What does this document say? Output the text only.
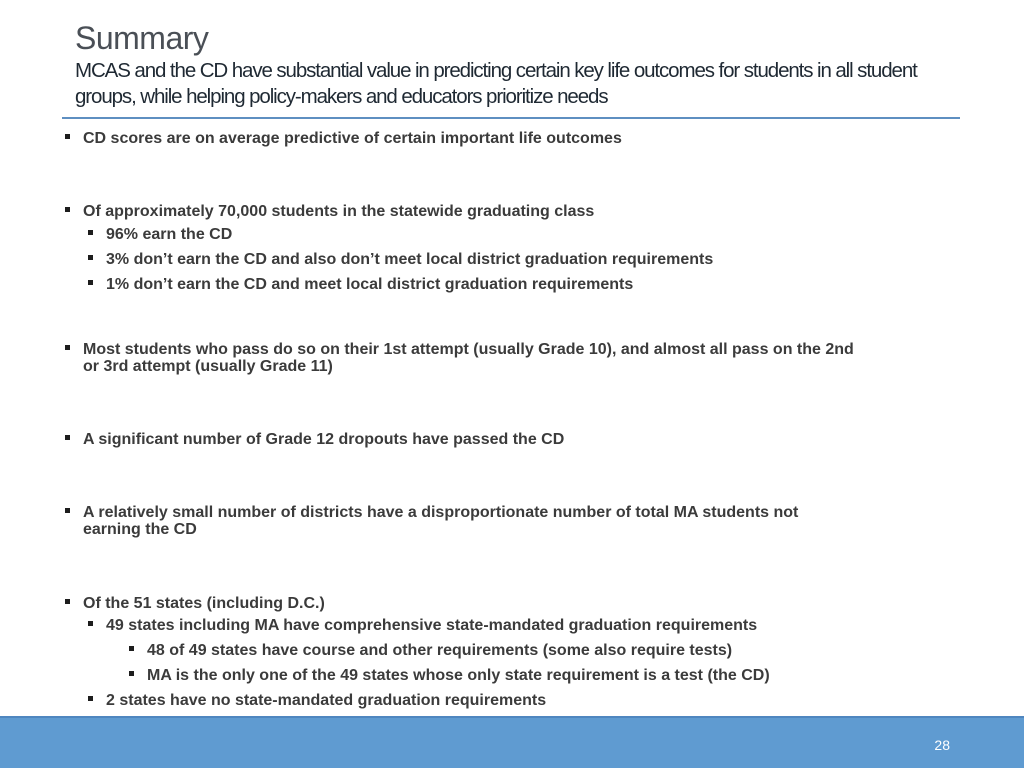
Summary
MCAS and the CD have substantial value in predicting certain key life outcomes for students in all student groups, while helping policy-makers and educators prioritize needs
CD scores are on average predictive of certain important life outcomes
Of approximately 70,000 students in the statewide graduating class
96% earn the CD
3% don’t earn the CD and also don’t meet local district graduation requirements
1% don’t earn the CD and meet local district graduation requirements
Most students who pass do so on their 1st attempt (usually Grade 10), and almost all pass on the 2nd
or 3rd attempt (usually Grade 11)
A significant number of Grade 12 dropouts have passed the CD
A relatively small number of districts have a disproportionate number of total MA students not
earning the CD
Of the 51 states (including D.C.)
49 states including MA have comprehensive state-mandated graduation requirements
48 of 49 states have course and other requirements (some also require tests)
MA is the only one of the 49 states whose only state requirement is a test (the CD)
2 states have no state-mandated graduation requirements
28
